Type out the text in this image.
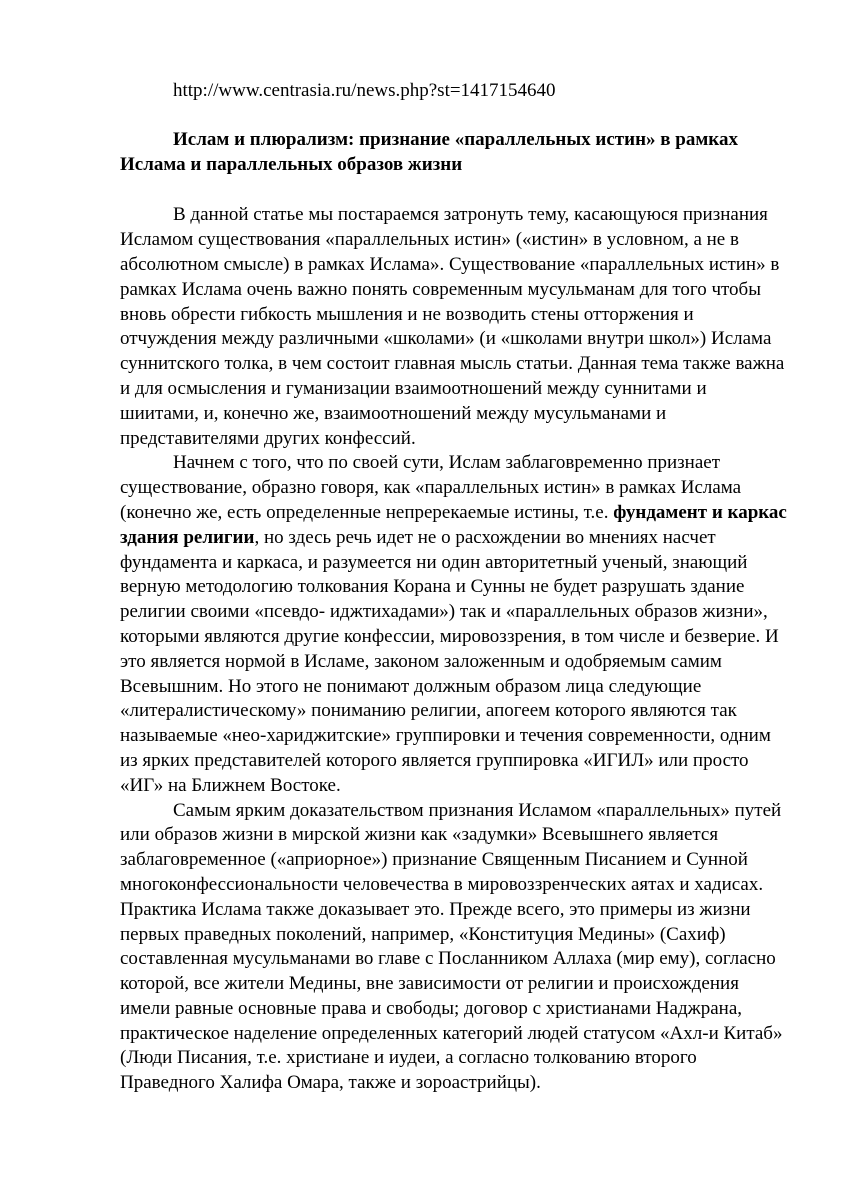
http://www.centrasia.ru/news.php?st=1417154640

Ислам и плюрализм: признание «параллельных истин» в рамках Ислама и параллельных образов жизни

В данной статье мы постараемся затронуть тему, касающуюся признания Исламом существования «параллельных истин» («истин» в условном, а не в абсолютном смысле) в рамках Ислама». Существование «параллельных истин» в рамках Ислама очень важно понять современным мусульманам для того чтобы вновь обрести гибкость мышления и не возводить стены отторжения и отчуждения между различными «школами» (и «школами внутри школ») Ислама суннитского толка, в чем состоит главная мысль статьи. Данная тема также важна и для осмысления и гуманизации взаимоотношений между суннитами и шиитами, и, конечно же, взаимоотношений между мусульманами и представителями других конфессий.

Начнем с того, что по своей сути, Ислам заблаговременно признает существование, образно говоря, как «параллельных истин» в рамках Ислама (конечно же, есть определенные непререкаемые истины, т.е. фундамент и каркас здания религии, но здесь речь идет не о расхождении во мнениях насчет фундамента и каркаса, и разумеется ни один авторитетный ученый, знающий верную методологию толкования Корана и Сунны не будет разрушать здание религии своими «псевдо- иджтихадами») так и «параллельных образов жизни», которыми являются другие конфессии, мировоззрения, в том числе и безверие. И это является нормой в Исламе, законом заложенным и одобряемым самим Всевышним. Но этого не понимают должным образом лица следующие «литералистическому» пониманию религии, апогеем которого являются так называемые «нео-хариджитские» группировки и течения современности, одним из ярких представителей которого является группировка «ИГИЛ» или просто «ИГ» на Ближнем Востоке.

Самым ярким доказательством признания Исламом «параллельных» путей или образов жизни в мирской жизни как «задумки» Всевышнего является заблаговременное («априорное») признание Священным Писанием и Сунной многоконфессиональности человечества в мировоззренческих аятах и хадисах. Практика Ислама также доказывает это. Прежде всего, это примеры из жизни первых праведных поколений, например, «Конституция Медины» (Сахиф) составленная мусульманами во главе с Посланником Аллаха (мир ему), согласно которой, все жители Медины, вне зависимости от религии и происхождения имели равные основные права и свободы; договор с христианами Наджрана, практическое наделение определенных категорий людей статусом «Ахл-и Китаб» (Люди Писания, т.е. христиане и иудеи, а согласно толкованию второго Праведного Халифа Омара, также и зороастрийцы).
